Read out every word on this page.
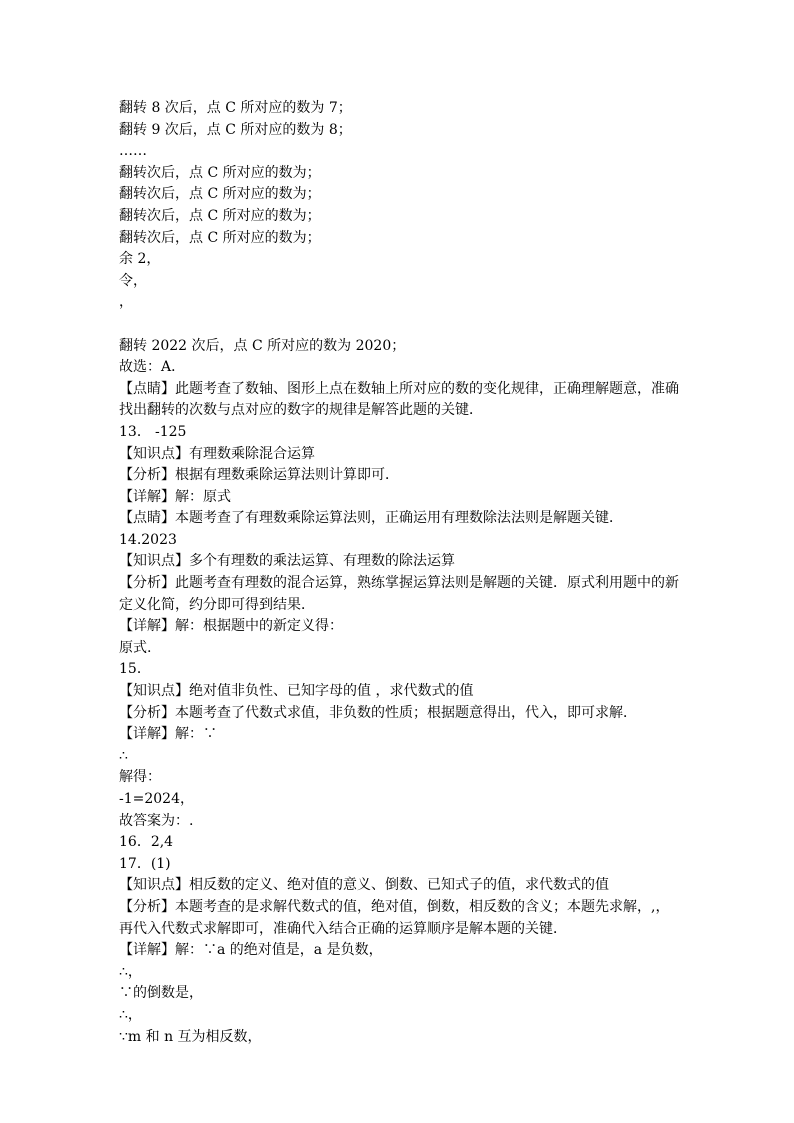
翻转 8 次后，点 C 所对应的数为 7；
翻转 9 次后，点 C 所对应的数为 8；
……
翻转次后，点 C 所对应的数为；
翻转次后，点 C 所对应的数为；
翻转次后，点 C 所对应的数为；
翻转次后，点 C 所对应的数为；
余 2，
令，
，
翻转 2022 次后，点 C 所对应的数为 2020；
故选：A．
【点睛】此题考查了数轴、图形上点在数轴上所对应的数的变化规律，正确理解题意，准确找出翻转的次数与点对应的数字的规律是解答此题的关键．
13． -125
【知识点】有理数乘除混合运算
【分析】根据有理数乘除运算法则计算即可．
【详解】解：原式
【点睛】本题考查了有理数乘除运算法则，正确运用有理数除法法则是解题关键．
14.2023
【知识点】多个有理数的乘法运算、有理数的除法运算
【分析】此题考查有理数的混合运算，熟练掌握运算法则是解题的关键．原式利用题中的新定义化简，约分即可得到结果．
【详解】解：根据题中的新定义得：
原式.
15．
【知识点】绝对值非负性、已知字母的值 ，求代数式的值
【分析】本题考查了代数式求值，非负数的性质；根据题意得出，代入，即可求解．
【详解】解：∵
∴
解得：
-1=2024，
故答案为：.
16．2,4
17．(1)
【知识点】相反数的定义、绝对值的意义、倒数、已知式子的值，求代数式的值
【分析】本题考查的是求解代数式的值，绝对值，倒数，相反数的含义；本题先求解，,，再代入代数式求解即可，准确代入结合正确的运算顺序是解本题的关键．
【详解】解：∵a 的绝对值是，a 是负数，
∴，
∵的倒数是，
∴，
∵m 和 n 互为相反数，
